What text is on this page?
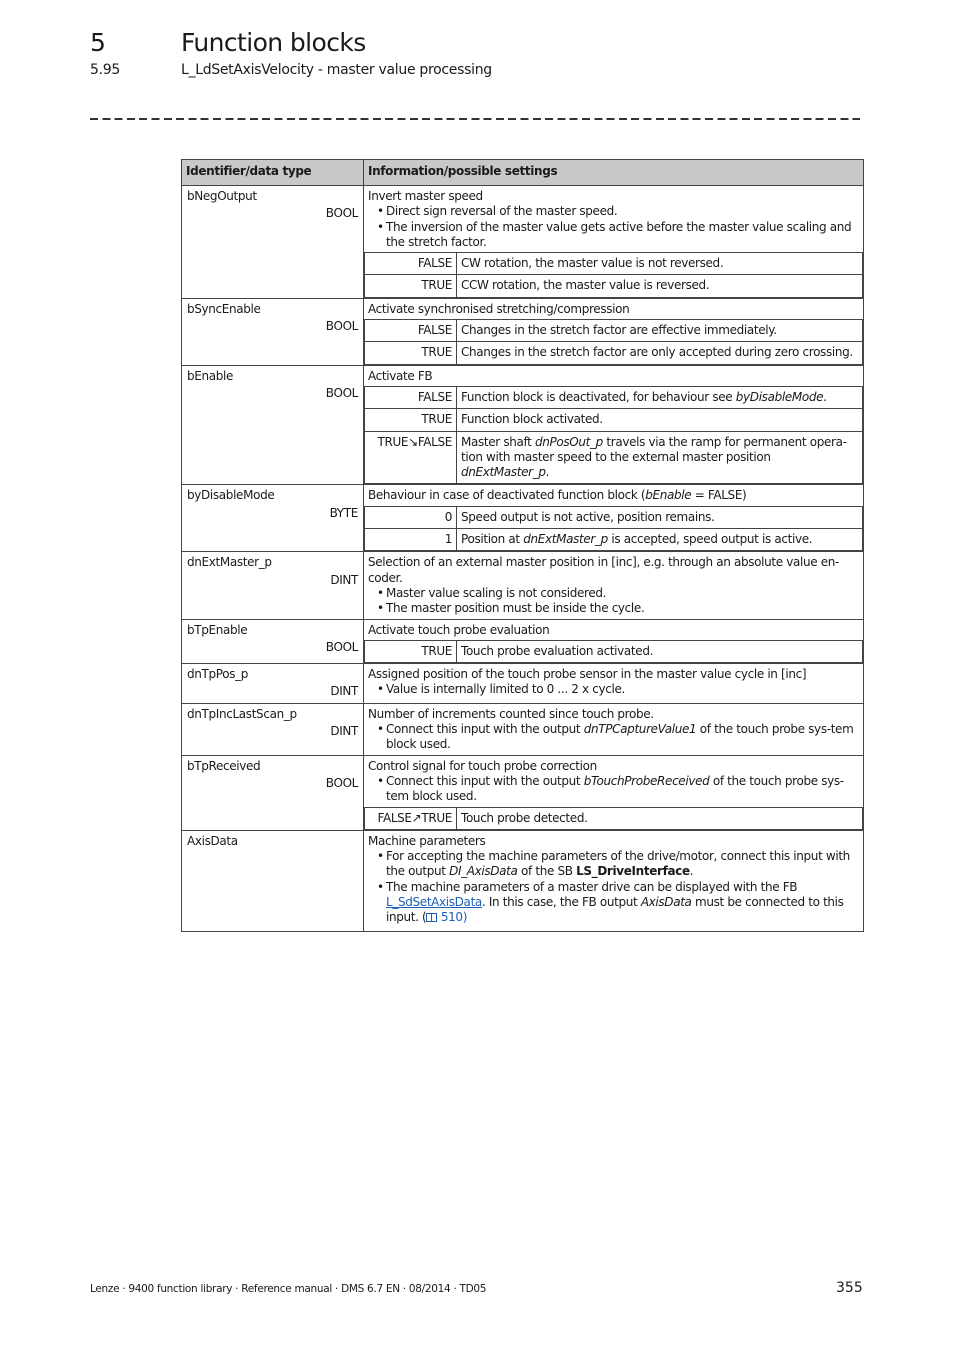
5	Function blocks
5.95	L_LdSetAxisVelocity - master value processing
Identifier/data type	Information/possible settings

bNegOutput
BOOL

Invert master speed
• Direct sign reversal of the master speed.
• The inversion of the master value gets active before the master value scaling and the stretch factor.
FALSE	CW rotation, the master value is not reversed.
TRUE	CCW rotation, the master value is reversed.

bSyncEnable
BOOL

Activate synchronised stretching/compression
FALSE	Changes in the stretch factor are effective immediately.
TRUE	Changes in the stretch factor are only accepted during zero crossing.

bEnable
BOOL

Activate FB
FALSE	Function block is deactivated, for behaviour see byDisableMode.
TRUE	Function block activated.
TRUE↘FALSE	Master shaft dnPosOut_p travels via the ramp for permanent opera-tion with master speed to the external master position dnExtMaster_p.

byDisableMode
BYTE

Behaviour in case of deactivated function block (bEnable = FALSE)
0	Speed output is not active, position remains.
1	Position at dnExtMaster_p is accepted, speed output is active.

dnExtMaster_p
DINT

Selection of an external master position in [inc], e.g. through an absolute value en-coder.
• Master value scaling is not considered.
• The master position must be inside the cycle.

bTpEnable
BOOL

Activate touch probe evaluation
TRUE	Touch probe evaluation activated.

dnTpPos_p
DINT

Assigned position of the touch probe sensor in the master value cycle in [inc]
• Value is internally limited to 0 ... 2 x cycle.

dnTpIncLastScan_p
DINT

Number of increments counted since touch probe.
• Connect this input with the output dnTPCaptureValue1 of the touch probe sys-tem block used.

bTpReceived
BOOL

Control signal for touch probe correction
• Connect this input with the output bTouchProbeReceived of the touch probe sys-tem block used.
FALSE↗TRUE	Touch probe detected.

AxisData	Machine parameters
• For accepting the machine parameters of the drive/motor, connect this input with the output DI_AxisData of the SB LS_DriveInterface.
• The machine parameters of a master drive can be displayed with the FB L_SdSetAxisData. In this case, the FB output AxisData must be connected to this input. ( 510)
Lenze · 9400 function library · Reference manual · DMS 6.7 EN · 08/2014 · TD05	355
